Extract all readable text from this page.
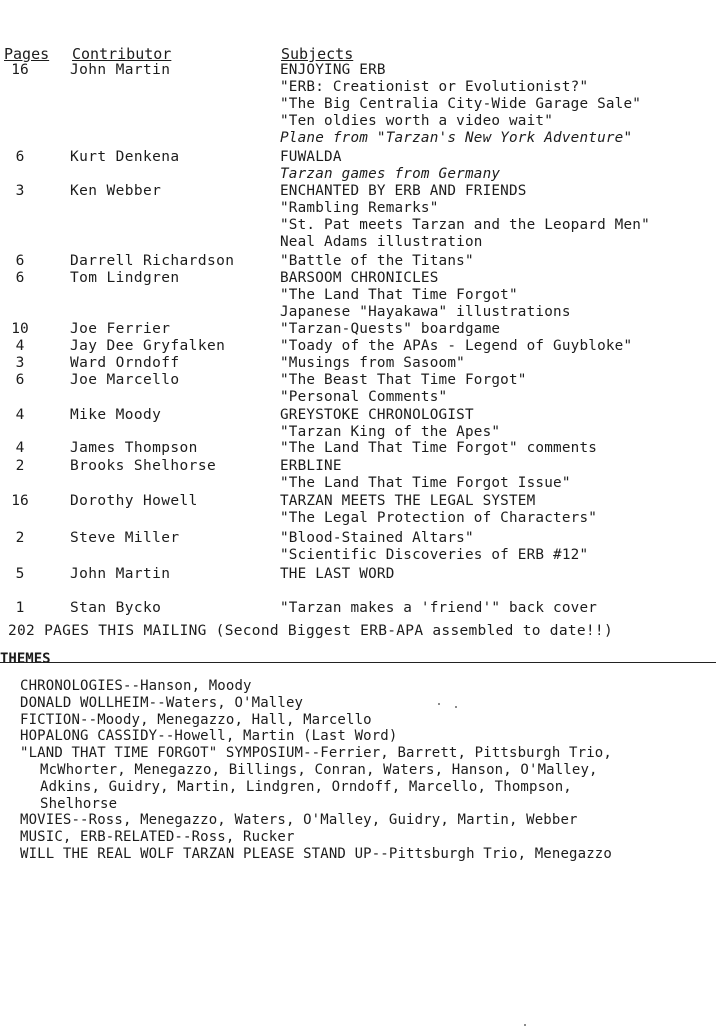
Pages Contributor	Subjects
16	John Martin	ENJOYING ERB
"ERB: Creationist or Evolutionist?"
"The Big Centralia City-Wide Garage Sale"
"Ten oldies worth a video wait"
Plane from "Tarzan's New York Adventure"
6	Kurt Denkena	FUWALDA
Tarzan games from Germany
3	Ken Webber	ENCHANTED BY ERB AND FRIENDS
"Rambling Remarks"
"St. Pat meets Tarzan and the Leopard Men"
Neal Adams illustration
6	Darrell Richardson	"Battle of the Titans"
6	Tom Lindgren	BARSOOM CHRONICLES
"The Land That Time Forgot"
Japanese "Hayakawa" illustrations
10	Joe Ferrier	"Tarzan-Quests" boardgame
4	Jay Dee Gryfalken	"Toady of the APAs - Legend of Guybloke"
3	Ward Orndoff	"Musings from Sasoom"
6	Joe Marcello	"The Beast That Time Forgot"
"Personal Comments"
4	Mike Moody	GREYSTOKE CHRONOLOGIST
"Tarzan King of the Apes"
4	James Thompson	"The Land That Time Forgot" comments
2	Brooks Shelhorse	ERBLINE
"The Land That Time Forgot Issue"
16	Dorothy Howell	TARZAN MEETS THE LEGAL SYSTEM
"The Legal Protection of Characters"
2	Steve Miller	"Blood-Stained Altars"
"Scientific Discoveries of ERB #12"
5	John Martin	THE LAST WORD
1	Stan Bycko	"Tarzan makes a 'friend'" back cover
202 PAGES THIS MAILING (Second Biggest ERB-APA assembled to date!!)
THEMES
CHRONOLOGIES--Hanson, Moody
DONALD WOLLHEIM--Waters, O'Malley
FICTION--Moody, Menegazzo, Hall, Marcello
HOPALONG CASSIDY--Howell, Martin (Last Word)
"LAND THAT TIME FORGOT" SYMPOSIUM--Ferrier, Barrett, Pittsburgh Trio,
McWhorter, Menegazzo, Billings, Conran, Waters, Hanson, O'Malley,
Adkins, Guidry, Martin, Lindgren, Orndoff, Marcello, Thompson,
Shelhorse
MOVIES--Ross, Menegazzo, Waters, O'Malley, Guidry, Martin, Webber
MUSIC, ERB-RELATED--Ross, Rucker
WILL THE REAL WOLF TARZAN PLEASE STAND UP--Pittsburgh Trio, Menegazzo
